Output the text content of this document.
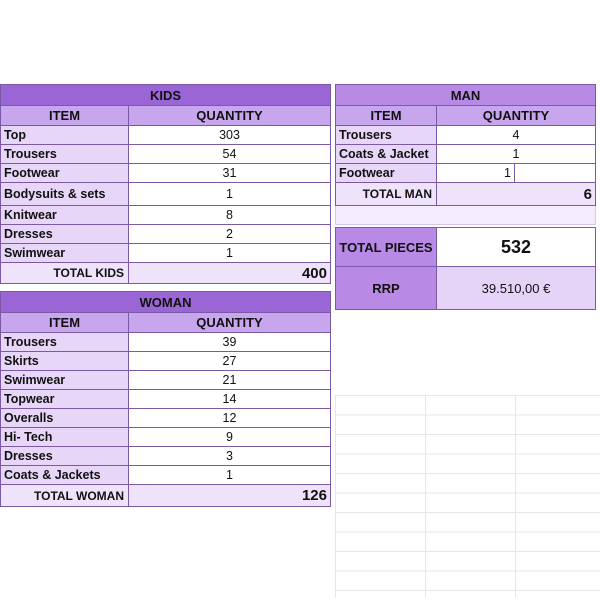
KIDS	
ITEM	QUANTITY
Top	303
Trousers	54
Footwear	31
Bodysuits & sets	1
Knitwear	8
Dresses	2
Swimwear	1
TOTAL KIDS	400
WOMAN	
ITEM	QUANTITY
Trousers	39
Skirts	27
Swimwear	21
Topwear	14
Overalls	12
Hi- Tech	9
Dresses	3
Coats & Jackets	1
TOTAL WOMAN	126
MAN		
ITEM	QUANTITY	
Trousers	4	
Coats & Jacket	1	
Footwear	1	
TOTAL MAN	6	

TOTAL PIECES	532
RRP	39.510,00 €
